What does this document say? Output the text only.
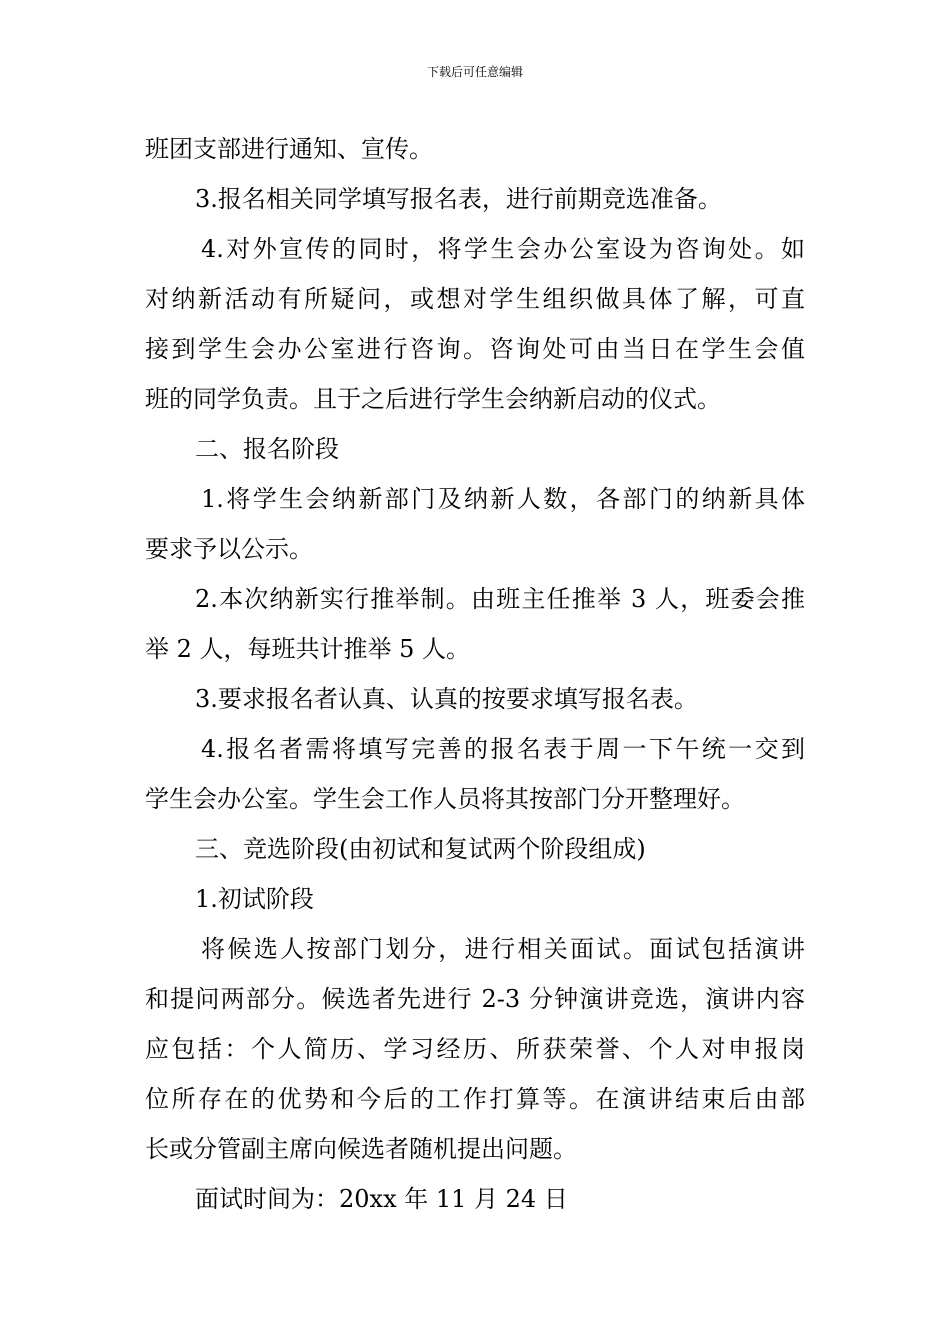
下载后可任意编辑
班团支部进行通知、宣传。
3.报名相关同学填写报名表，进行前期竞选准备。
4.对外宣传的同时，将学生会办公室设为咨询处。如
对纳新活动有所疑问，或想对学生组织做具体了解，可直
接到学生会办公室进行咨询。咨询处可由当日在学生会值
班的同学负责。且于之后进行学生会纳新启动的仪式。
二、报名阶段
1.将学生会纳新部门及纳新人数，各部门的纳新具体
要求予以公示。
2.本次纳新实行推举制。由班主任推举 3 人，班委会推
举 2 人，每班共计推举 5 人。
3.要求报名者认真、认真的按要求填写报名表。
4.报名者需将填写完善的报名表于周一下午统一交到
学生会办公室。学生会工作人员将其按部门分开整理好。
三、竞选阶段(由初试和复试两个阶段组成)
1.初试阶段
将候选人按部门划分，进行相关面试。面试包括演讲
和提问两部分。候选者先进行 2-3 分钟演讲竞选，演讲内容
应包括：个人简历、学习经历、所获荣誉、个人对申报岗
位所存在的优势和今后的工作打算等。在演讲结束后由部
长或分管副主席向候选者随机提出问题。
面试时间为：20xx 年 11 月 24 日
